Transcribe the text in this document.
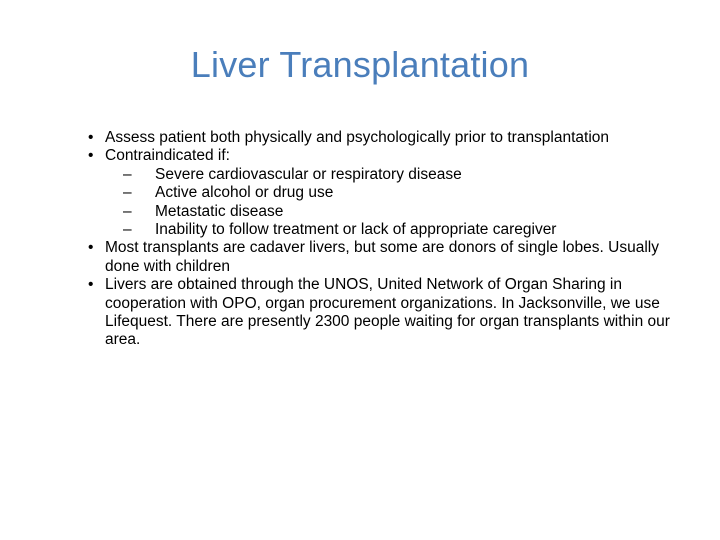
Liver Transplantation
• Assess patient both physically and psychologically prior to transplantation
• Contraindicated if:
–	Severe cardiovascular or respiratory disease
–	Active alcohol or drug use
–	Metastatic disease
–	Inability to follow treatment or lack of appropriate caregiver
• Most transplants are cadaver livers, but some are donors of single lobes. Usually done with children
• Livers are obtained through the UNOS, United Network of Organ Sharing in cooperation with OPO, organ procurement organizations. In Jacksonville, we use Lifequest. There are presently 2300 people waiting for organ transplants within our area.
